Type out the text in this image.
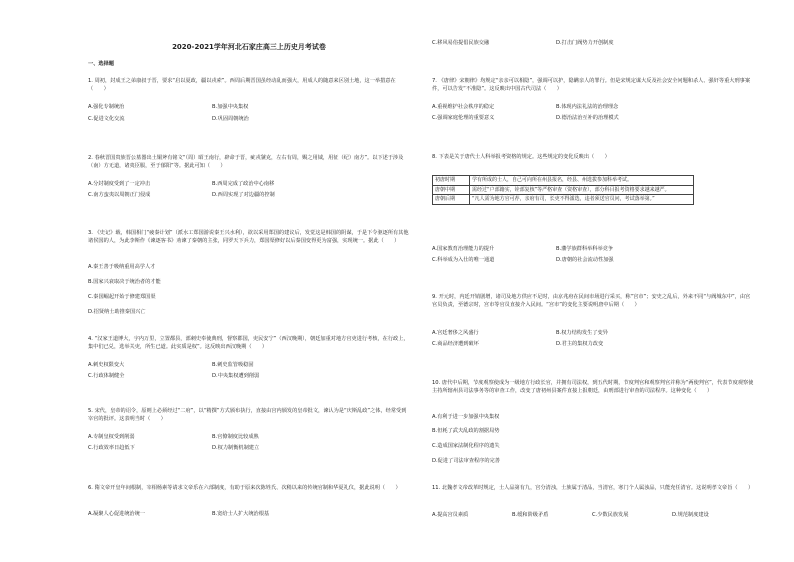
2020-2021学年河北石家庄高三上历史月考试卷
一、选择题

1. 周初，封成王之弟康叔于晋，要求“启以夏政，疆以戎索”。西周后期晋国虽经动乱而强大，用成人的随意来区别土地，这一举措意在（　　）

A.强化专制统治	B.加强中央集权
C.促进文化交流	D.巩固周朝统治

2. 春秋晋国贵族晋公墓器出土铜斧有铭文“（周）昭王南行，辟命于晋，疵戎虢克，左右有周，赐之用钺，用征（纪）南方”。以下述于涉及（南）方无道，诸夷臣服，至于郁阳”等。据此可知（　　）

A.分封制度受到了一定冲击	B.西周完成了政治中心南移
C.南方蛮夷以周朝正门侵成	D.西周实现了对边疆的控制

3. 《史记》载，韩国相门“疲秦计划”（派水工郑国游说秦王兴水利），欲以采用郑国的建议后，发觉这是韩国的阴谋，于是下令驱逐所有其他诸侯国的人，为此李斯作《谏逐客书》劝谏了秦朝的主张，同罗天下兵力，郑国渠修好以后秦国变得更为富强，实现统一。据此（　　）

A.秦王善于吸纳重用高学人才
B.国家兴衰取决于统治者的才能
C.秦国崛起开始于修建郑国渠
D.招贤纳士助推秦国兴亡

4. “汉家王道博大，宇内万里，立置都县，部刺史奉使典刑，督察郡国，吏民安宁”（西汉晚期），朝廷加重对地方官吏进行考核，在行政上，集中们已兑，选举关吏，所生已道。此实质是权”。这反映出西汉晚期（　　）

A.刺史权限变大	B.刺史监管吸稳固
C.行政体制健全	D.中央集权遭到削弱

5. 宋代，皇帝的诏令，原则上必须经过“二府”，以“精撰”方式颁布执行，直接由宫内颁发的皇帝批文，谏认为是“庆斯乱政”之体，经常受到宰官的批评。这表明当时（　　）

A.专制皇权受到削弱	B.官僚制度比较成熟
C.行政效率日趋低下	D.权力制衡机制建立

6. 隋文帝开皇年间根制，宰相杨素等请求文帝乐在六部制度，有助于原来次陈姓氏、次稍以来的传统官制和华夏礼仪，据此说明（　　）

A.凝聚人心促进统治统一	B.宽给士人扩大统治根基
C.移风易俗提倡民族交融	D.打击门阀势力开创制度

7. 《唐律》宋朝律》均规定“亲亲可以相隐”，强调可以护，隐瞒亲人的罪行。但是宋规定谋大反及社会安全问题和杀人、强奸等重大刑事案件，可以告发“不准隐”。这反映出中国古代司法（　　）

A.重视维护社会秩序的稳定	B.体现内法礼法的治理理念
C.强调家庭伦理的重要意义	D.德治法治互补的治理模式

8. 下表是关于唐代士人科举报考资格的规定。这些规定的变化反映出（　　）

初唐时期	学有所成的士人，自己可向所在州县报名，经县、州选拔参加科举考试。
唐朝中期	需经过“户部籍实，铨部复核”等严格审查（资格审查），部分科目报考资格要求越来越严。
唐朝后期	“凡人需为地方官可荐，亲府有司，长吏不得滥选，违者须送官员问，考试落举第。”
A.国家教育治理能力的提升	B.藩学族群科举科举竞争
C.科举成为入仕的唯一通道	D.唐朝的社会流动性加强

9. 开元时，内廷开销剧增，诸司及地方供应不足时，由京兆府在民间市场进行采买，称“宫市”；安史之乱后，外来不同“与阀城东中”，由宫官员负责，至德宗时，宫市等官员直接介入民间。“宫市”的变化主要说明唐中后期（　　）

A.宫廷奢侈之风盛行	B.权力结构发生了变异
C.商品经济遭到破坏	D.君主的集权力改变

10. 唐代中后期，节度观察使成为一级地方行政长官，并拥有司法权，到五代时期，节度判官和观察判官并称为“两使判官”，代表节度观察使主持所辖州县司法事务等的审查工作，改变了唐初州县案件直接上报朝廷，由刑部进行审查的司法程序。这种变化（　　）

A.有利于进一步加强中央集权
B.但耗了武夫乱政的割据局势
C.造成国家法制化程序的遗失
D.促进了司法审查程序的完善

11. 北魏孝文帝改革时规定，士人品第有九，宫分清浊，士族属于清品，当清官，寒门个人属浊品，只能充任清官。这说明孝文帝旨（　　）

A.提高宫员素质	B.缓和阶级矛盾	C.少数民族发展	D.规范制度建设
